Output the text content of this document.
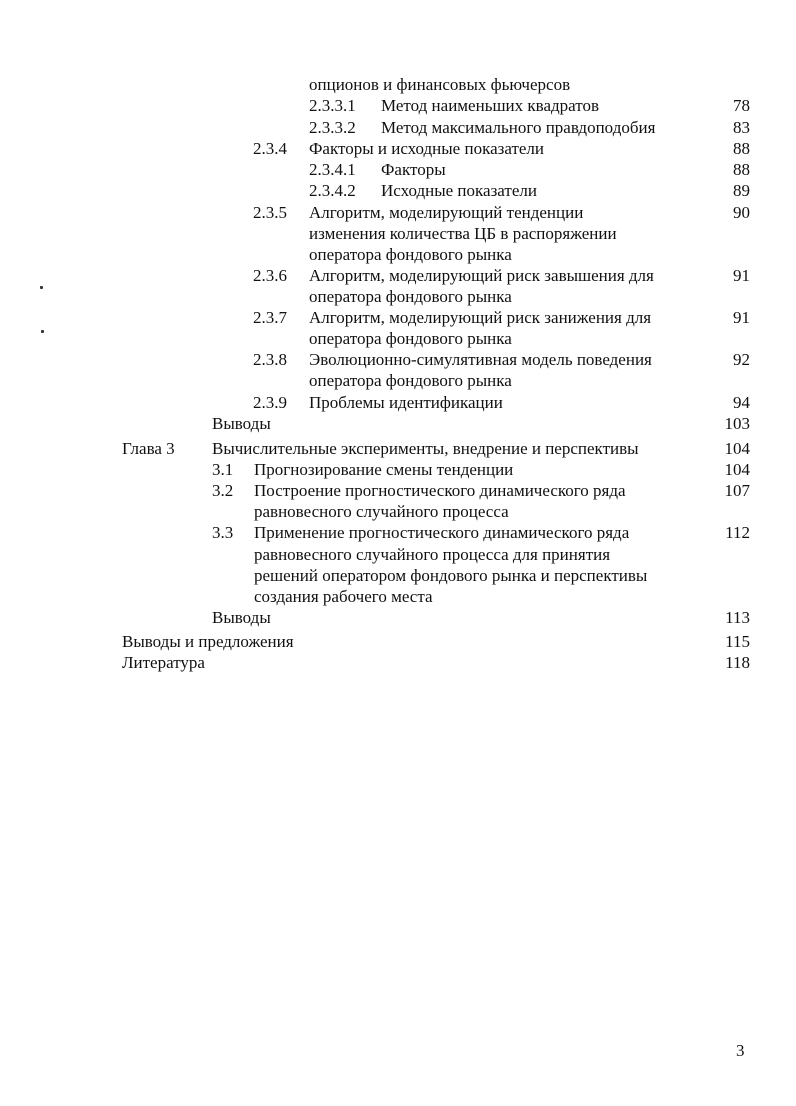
опционов и финансовых фьючерсов
2.3.3.1 Метод наименьших квадратов	78
2.3.3.2 Метод максимального правдоподобия	83
2.3.4 Факторы и исходные показатели	88
2.3.4.1 Факторы	88
2.3.4.2 Исходные показатели	89
2.3.5 Алгоритм, моделирующий тенденции	90
изменения количества ЦБ в распоряжении
оператора фондового рынка
2.3.6 Алгоритм, моделирующий риск завышения для	91
оператора фондового рынка
2.3.7 Алгоритм, моделирующий риск занижения для	91
оператора фондового рынка
2.3.8 Эволюционно-симулятивная модель поведения	92
оператора фондового рынка
2.3.9 Проблемы идентификации	94
Выводы	103
Глава 3 Вычислительные эксперименты, внедрение и перспективы	104
3.1 Прогнозирование смены тенденции	104
3.2 Построение прогностического динамического ряда	107
равновесного случайного процесса
3.3 Применение прогностического динамического ряда	112
равновесного случайного процесса для принятия
решений оператором фондового рынка и перспективы
создания рабочего места
Выводы	113
Выводы и предложения	115
Литература	118
3
